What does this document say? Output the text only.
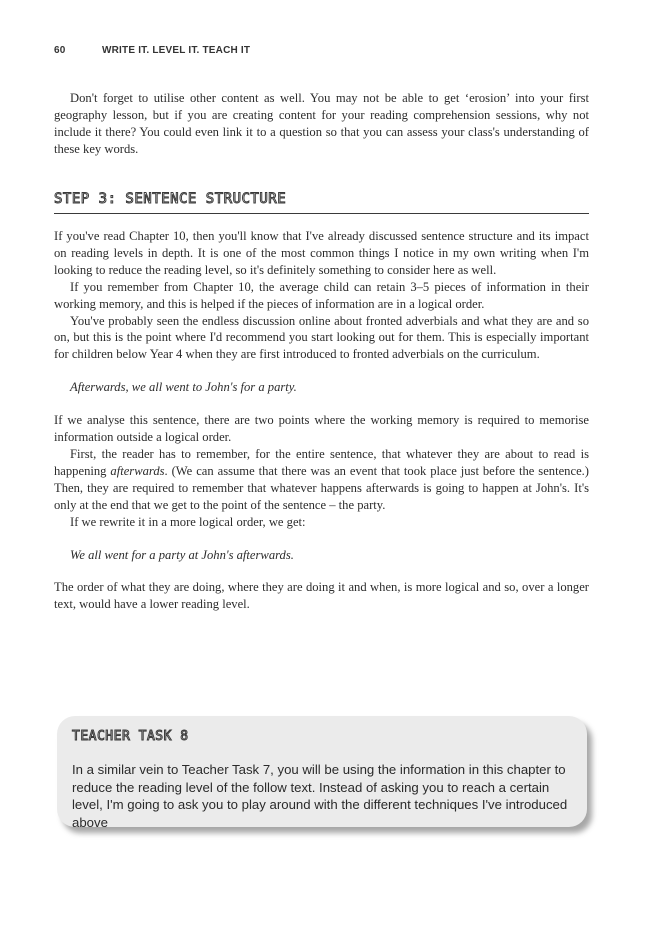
60	WRITE IT. LEVEL IT. TEACH IT

Don't forget to utilise other content as well. You may not be able to get ‘erosion’ into your first geography lesson, but if you are creating content for your reading comprehension sessions, why not include it there? You could even link it to a question so that you can assess your class's understanding of these key words.

STEP 3: SENTENCE STRUCTURE

If you've read Chapter 10, then you'll know that I've already discussed sentence structure and its impact on reading levels in depth. It is one of the most common things I notice in my own writing when I'm looking to reduce the reading level, so it's definitely something to consider here as well.

If you remember from Chapter 10, the average child can retain 3–5 pieces of information in their working memory, and this is helped if the pieces of information are in a logical order.

You've probably seen the endless discussion online about fronted adverbials and what they are and so on, but this is the point where I'd recommend you start looking out for them. This is especially important for children below Year 4 when they are first introduced to fronted adverbials on the curriculum.

Afterwards, we all went to John's for a party.

If we analyse this sentence, there are two points where the working memory is required to memorise information outside a logical order.

First, the reader has to remember, for the entire sentence, that whatever they are about to read is happening afterwards. (We can assume that there was an event that took place just before the sentence.) Then, they are required to remember that whatever happens afterwards is going to happen at John's. It's only at the end that we get to the point of the sentence – the party.

If we rewrite it in a more logical order, we get:

We all went for a party at John's afterwards.

The order of what they are doing, where they are doing it and when, is more logical and so, over a longer text, would have a lower reading level.

TEACHER TASK 8
In a similar vein to Teacher Task 7, you will be using the information in this chapter to reduce the reading level of the follow text. Instead of asking you to reach a certain level, I'm going to ask you to play around with the different techniques I've introduced above
